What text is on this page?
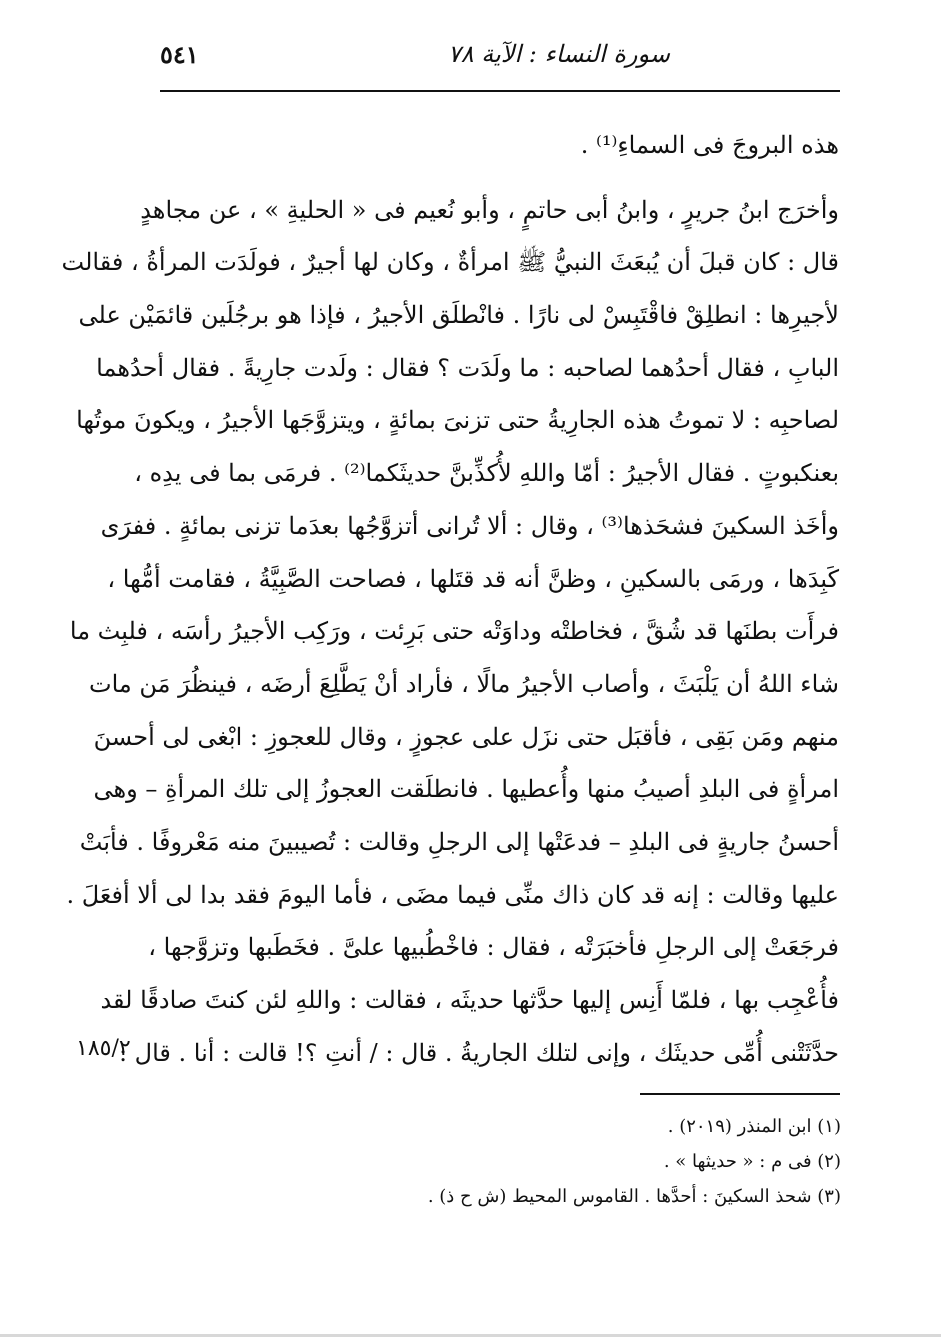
سورة النساء : الآية ٧٨
٥٤١
هذه البروجَ فى السماءِ⁽¹⁾ .
وأخرَج ابنُ جريرٍ ، وابنُ أبى حاتمٍ ، وأبو نُعيم فى « الحليةِ » ، عن مجاهدٍ
قال : كان قبلَ أن يُبعَثَ النبيُّ ﷺ امرأةٌ ، وكان لها أجيرٌ ، فولَدَت المرأةُ ، فقالت
لأجيرِها : انطلِقْ فاقْتَبِسْ لى نارًا . فانْطلَق الأجيرُ ، فإذا هو برجُلَين قائمَيْن على
البابِ ، فقال أحدُهما لصاحبه : ما ولَدَت ؟ فقال : ولَدت جارِيةً . فقال أحدُهما
لصاحبِه : لا تموتُ هذه الجارِيةُ حتى تزنىَ بمائةٍ ، ويتزوَّجَها الأجيرُ ، ويكونَ موتُها
بعنكبوتٍ . فقال الأجيرُ : أمّا واللهِ لأُكذِّبنَّ حديثَكما⁽²⁾ . فرمَى بما فى يدِه ،
وأخَذ السكينَ فشحَذها⁽³⁾ ، وقال : ألا تُرانى أتزوَّجُها بعدَما تزنى بمائةٍ . ففرَى
كَبِدَها ، ورمَى بالسكينِ ، وظنَّ أنه قد قتَلها ، فصاحت الصَّبِيَّةُ ، فقامت أمُّها ،
فرأَت بطنَها قد شُقَّ ، فخاطتْه وداوَتْه حتى بَرِئت ، ورَكِب الأجيرُ رأسَه ، فلبِث ما
شاء اللهُ أن يَلْبَثَ ، وأصاب الأجيرُ مالًا ، فأراد أنْ يَطَّلِعَ أرضَه ، فينظُرَ مَن مات
منهم ومَن بَقِى ، فأقبَل حتى نزَل على عجوزٍ ، وقال للعجوزِ : ابْغى لى أحسنَ
امرأةٍ فى البلدِ أصيبُ منها وأُعطيها . فانطلَقت العجوزُ إلى تلك المرأةِ – وهى
أحسنُ جاريةٍ فى البلدِ – فدعَتْها إلى الرجلِ وقالت : تُصيبينَ منه مَعْروفًا . فأبَتْ
عليها وقالت : إنه قد كان ذاك منِّى فيما مضَى ، فأما اليومَ فقد بدا لى ألا أفعَلَ .
فرجَعَتْ إلى الرجلِ فأخبَرَتْه ، فقال : فاخْطُبيها علىَّ . فخَطَبها وتزوَّجها ،
فأُعْجِب بها ، فلمّا أَنِس إليها حدَّثها حديثَه ، فقالت : واللهِ لئن كنتَ صادقًا لقد
حدَّثَتْنى أُمِّى حديثَك ، وإنى لتلك الجاريةُ . قال : / أنتِ ؟! قالت : أنا . قال :
١٨٥/٢
(١) ابن المنذر (٢٠١٩) .
(٢) فى م : « حديثها » .
(٣) شحذ السكينَ : أحدَّها . القاموس المحيط (ش ح ذ) .
